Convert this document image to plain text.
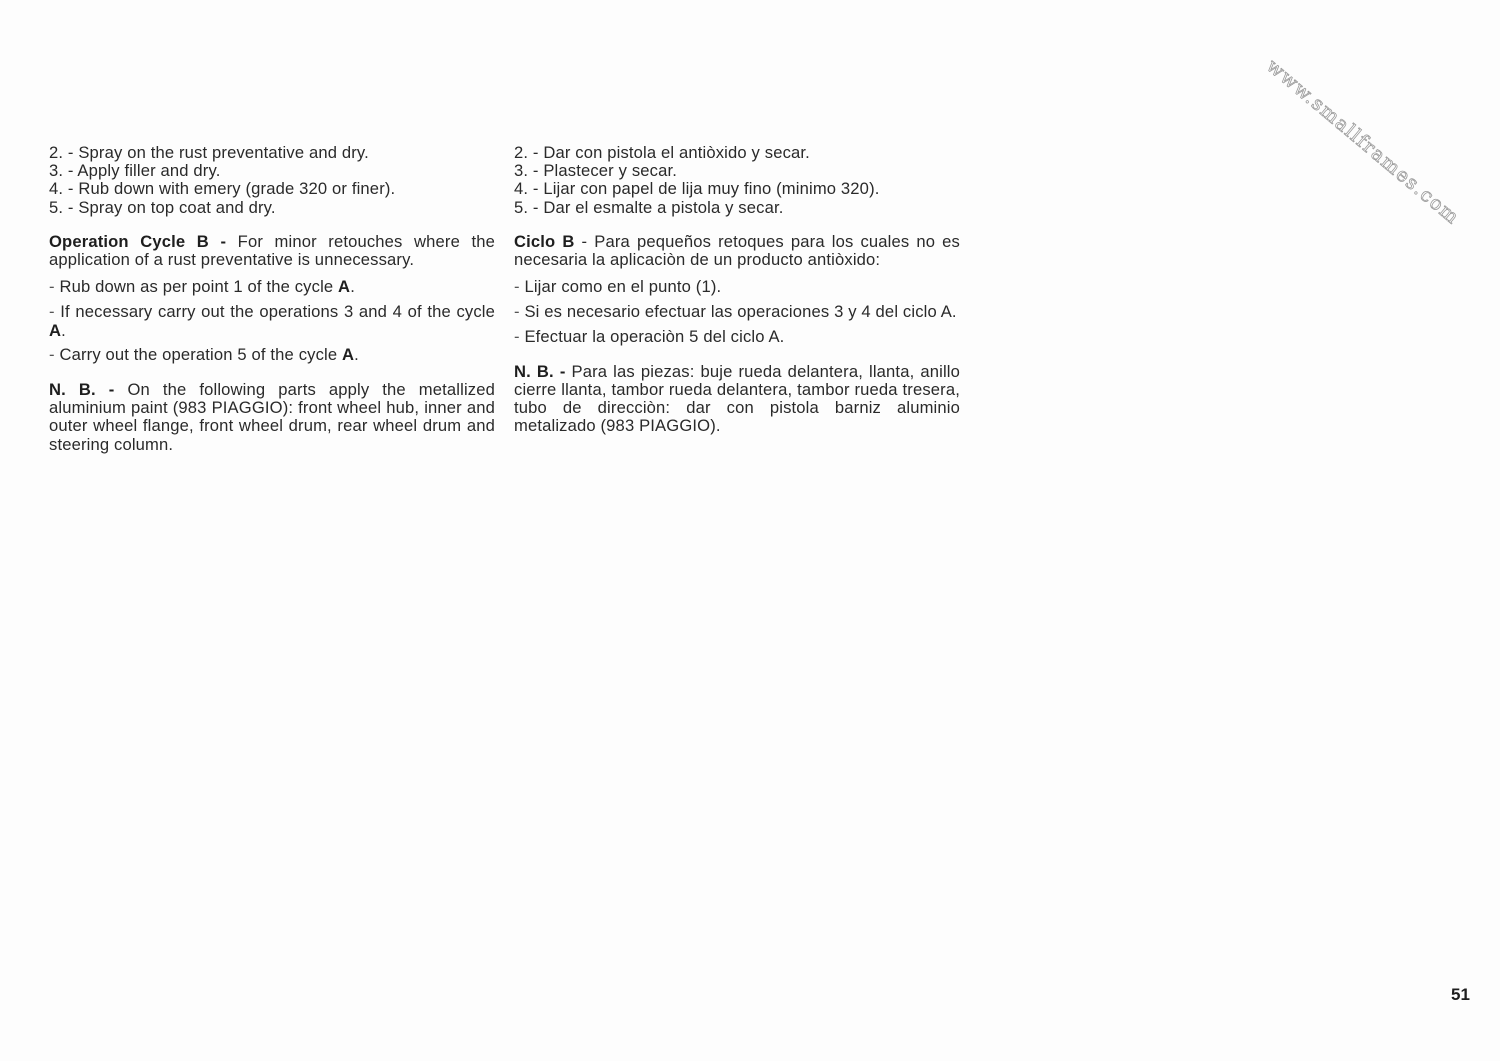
www.smallframes.com

2. - Spray on the rust preventative and dry.

3. - Apply filler and dry.

4. - Rub down with emery (grade 320 or finer).

5. - Spray on top coat and dry.

Operation Cycle B - For minor retouches where the application of a rust preventative is unnecessary.

- Rub down as per point 1 of the cycle A.

- If necessary carry out the operations 3 and 4 of the cycle A.

- Carry out the operation 5 of the cycle A.

N. B. - On the following parts apply the metallized aluminium paint (983 PIAGGIO): front wheel hub, inner and outer wheel flange, front wheel drum, rear wheel drum and steering column.

2. - Dar con pistola el antiòxido y secar.

3. - Plastecer y secar.

4. - Lijar con papel de lija muy fino (minimo 320).

5. - Dar el esmalte a pistola y secar.

Ciclo B - Para pequeños retoques para los cuales no es necesaria la aplicaciòn de un producto antiòxido:

- Lijar como en el punto (1).

- Si es necesario efectuar las operaciones 3 y 4 del ciclo A.

- Efectuar la operaciòn 5 del ciclo A.

N. B. - Para las piezas: buje rueda delantera, llanta, anillo cierre llanta, tambor rueda delantera, tambor rueda tresera, tubo de direcciòn: dar con pistola barniz aluminio metalizado (983 PIAGGIO).

51
